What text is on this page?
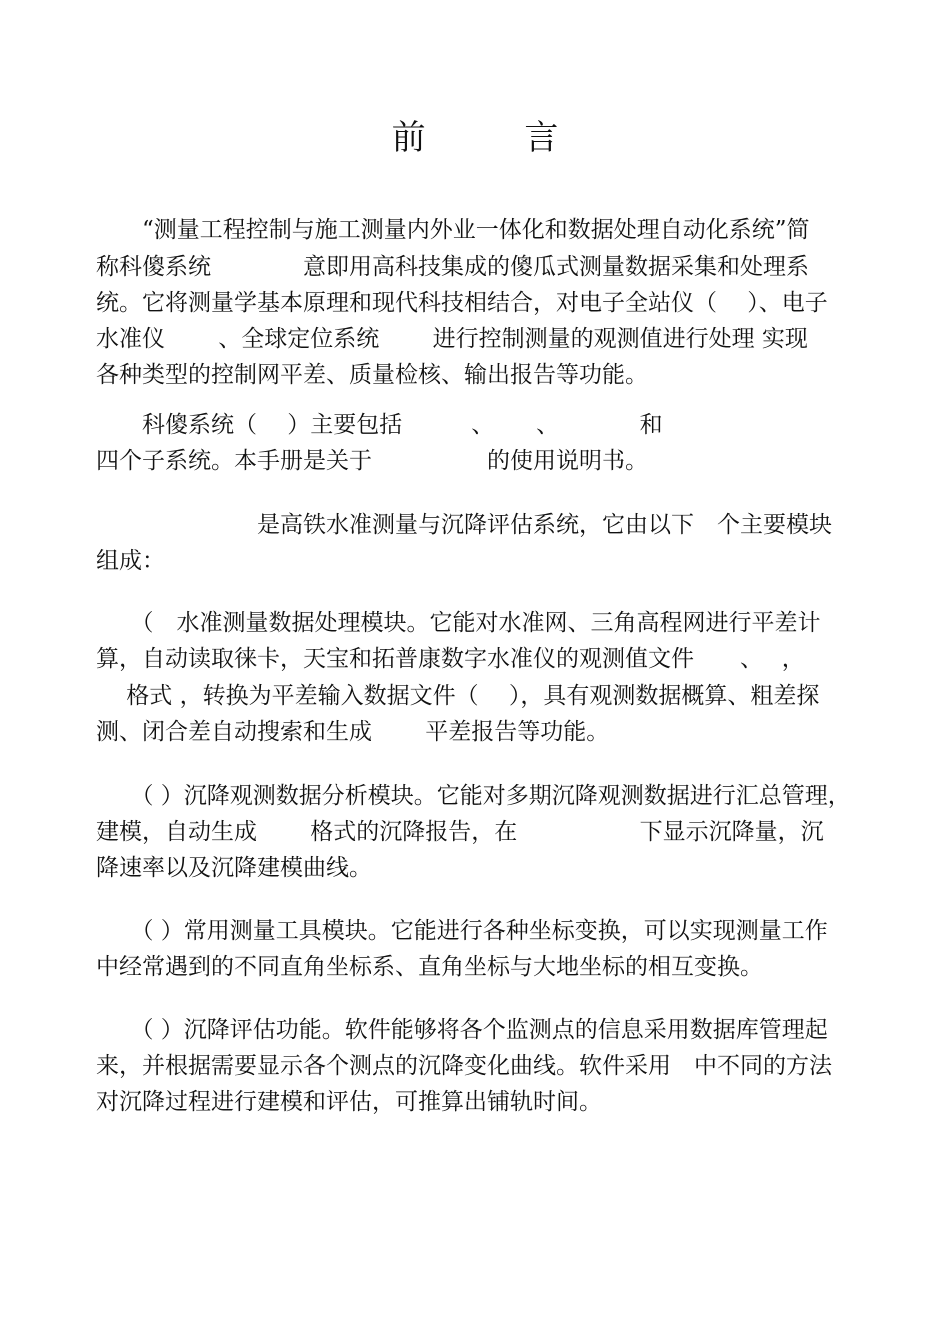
前 言
　　“测量工程控制与施工测量内外业一体化和数据处理自动化系统”简
称科傻系统　　　　意即用高科技集成的傻瓜式测量数据采集和处理系
统。它将测量学基本原理和现代科技相结合，对电子全站仪（　 ）、电子
水准仪　　 、全球定位系统　　 进行控制测量的观测值进行处理 实现
各种类型的控制网平差、质量检核、输出报告等功能。
　　科傻系统（　 ）主要包括　　　、　　 、　　　　和
四个子系统。本手册是关于　　　　　的使用说明书。
　　　　　　　是高铁水准测量与沉降评估系统，它由以下　个主要模块
组成：
　　（　水准测量数据处理模块。它能对水准网、三角高程网进行平差计
算，自动读取徕卡，天宝和拓普康数字水准仪的观测值文件　　、　 ，
　 格式 ，转换为平差输入数据文件（　 ），具有观测数据概算、粗差探
测、闭合差自动搜索和生成　　 平差报告等功能。
　　（ ）沉降观测数据分析模块。它能对多期沉降观测数据进行汇总管理，
建模，自动生成　　 格式的沉降报告，在　　　　　 下显示沉降量，沉
降速率以及沉降建模曲线。
　　（ ）常用测量工具模块。它能进行各种坐标变换，可以实现测量工作
中经常遇到的不同直角坐标系、直角坐标与大地坐标的相互变换。
　　（ ）沉降评估功能。软件能够将各个监测点的信息采用数据库管理起
来，并根据需要显示各个测点的沉降变化曲线。软件采用　中不同的方法
对沉降过程进行建模和评估，可推算出铺轨时间。
